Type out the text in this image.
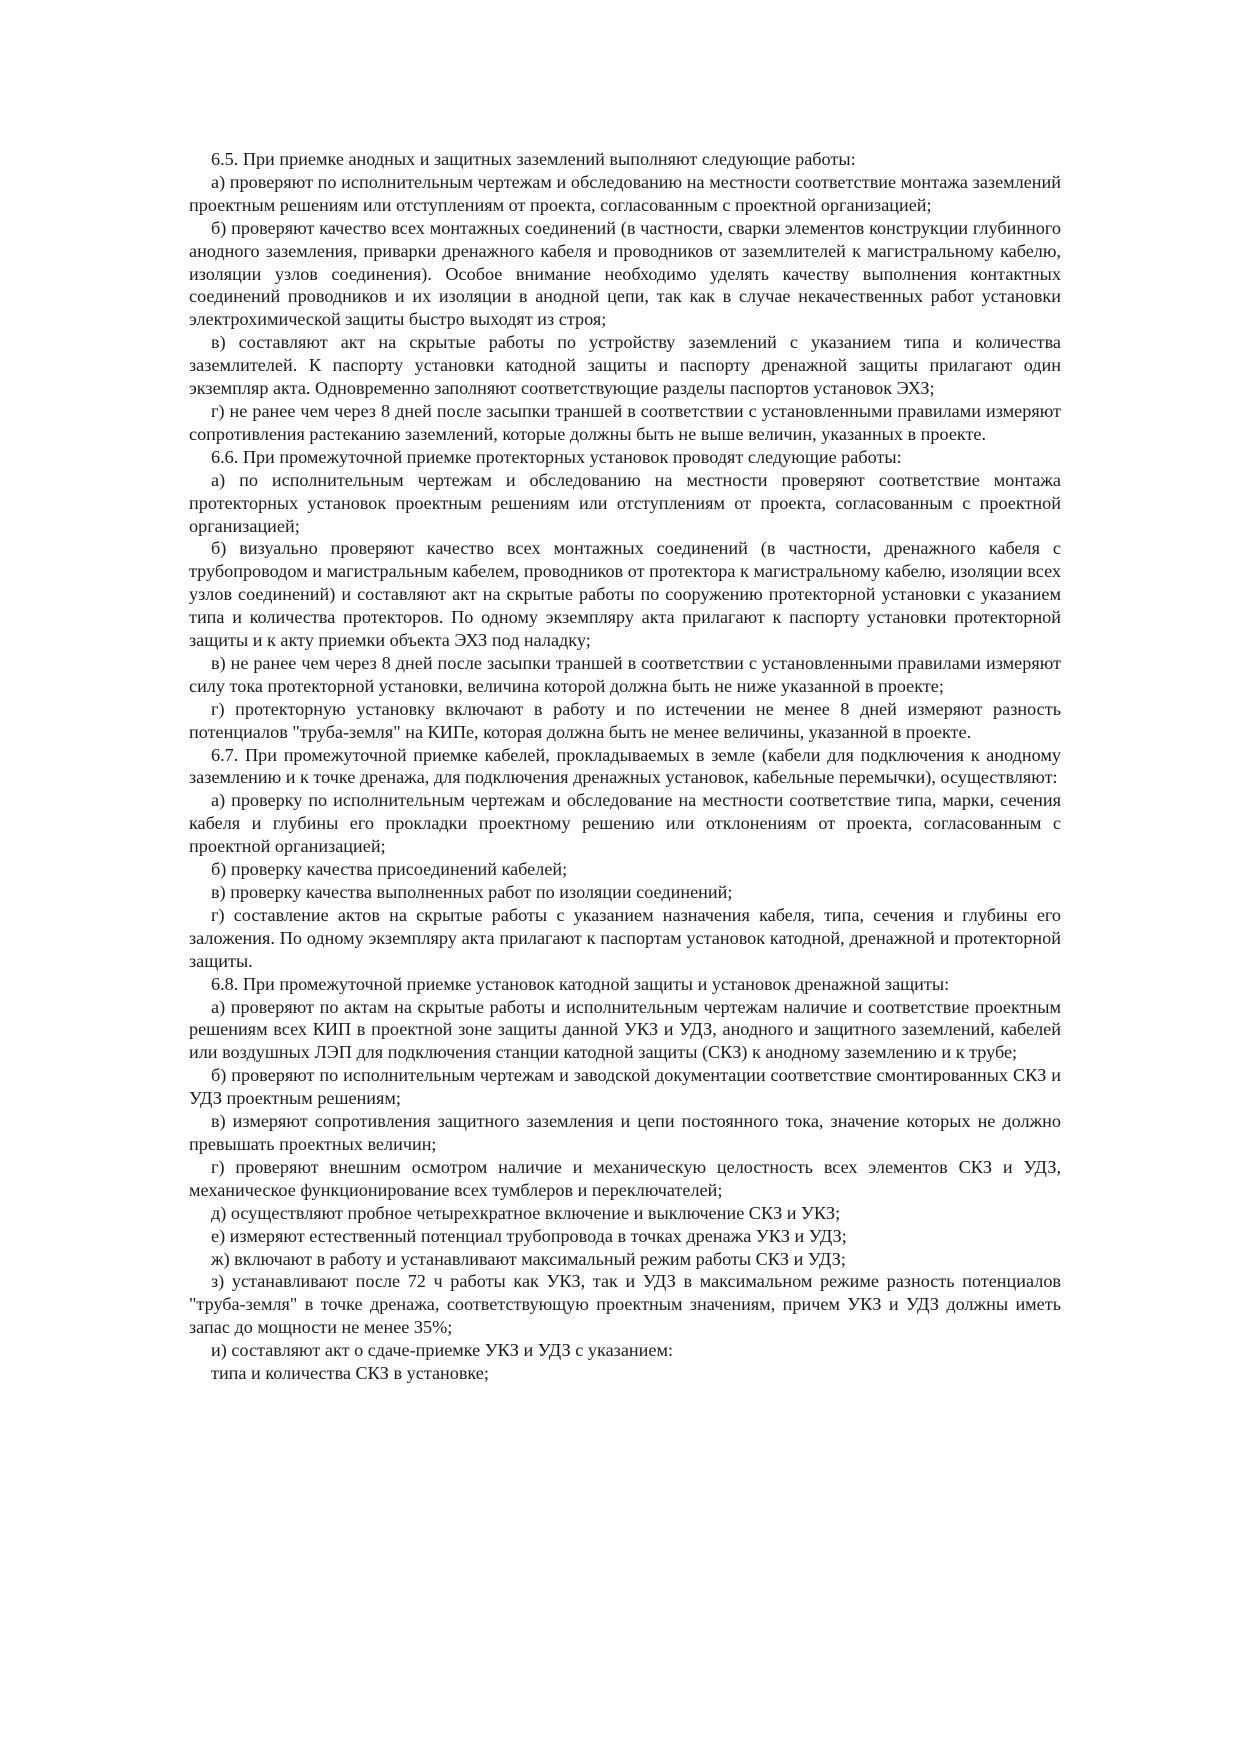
6.5. При приемке анодных и защитных заземлений выполняют следующие работы:

а) проверяют по исполнительным чертежам и обследованию на местности соответствие монтажа заземлений проектным решениям или отступлениям от проекта, согласованным с проектной организацией;

б) проверяют качество всех монтажных соединений (в частности, сварки элементов конструкции глубинного анодного заземления, приварки дренажного кабеля и проводников от заземлителей к магистральному кабелю, изоляции узлов соединения). Особое внимание необходимо уделять качеству выполнения контактных соединений проводников и их изоляции в анодной цепи, так как в случае некачественных работ установки электрохимической защиты быстро выходят из строя;

в) составляют акт на скрытые работы по устройству заземлений с указанием типа и количества заземлителей. К паспорту установки катодной защиты и паспорту дренажной защиты прилагают один экземпляр акта. Одновременно заполняют соответствующие разделы паспортов установок ЭХЗ;

г) не ранее чем через 8 дней после засыпки траншей в соответствии с установленными правилами измеряют сопротивления растеканию заземлений, которые должны быть не выше величин, указанных в проекте.

6.6. При промежуточной приемке протекторных установок проводят следующие работы:

а) по исполнительным чертежам и обследованию на местности проверяют соответствие монтажа протекторных установок проектным решениям или отступлениям от проекта, согласованным с проектной организацией;

б) визуально проверяют качество всех монтажных соединений (в частности, дренажного кабеля с трубопроводом и магистральным кабелем, проводников от протектора к магистральному кабелю, изоляции всех узлов соединений) и составляют акт на скрытые работы по сооружению протекторной установки с указанием типа и количества протекторов. По одному экземпляру акта прилагают к паспорту установки протекторной защиты и к акту приемки объекта ЭХЗ под наладку;

в) не ранее чем через 8 дней после засыпки траншей в соответствии с установленными правилами измеряют силу тока протекторной установки, величина которой должна быть не ниже указанной в проекте;

г) протекторную установку включают в работу и по истечении не менее 8 дней измеряют разность потенциалов "труба-земля" на КИПе, которая должна быть не менее величины, указанной в проекте.

6.7. При промежуточной приемке кабелей, прокладываемых в земле (кабели для подключения к анодному заземлению и к точке дренажа, для подключения дренажных установок, кабельные перемычки), осуществляют:

а) проверку по исполнительным чертежам и обследование на местности соответствие типа, марки, сечения кабеля и глубины его прокладки проектному решению или отклонениям от проекта, согласованным с проектной организацией;

б) проверку качества присоединений кабелей;

в) проверку качества выполненных работ по изоляции соединений;

г) составление актов на скрытые работы с указанием назначения кабеля, типа, сечения и глубины его заложения. По одному экземпляру акта прилагают к паспортам установок катодной, дренажной и протекторной защиты.

6.8. При промежуточной приемке установок катодной защиты и установок дренажной защиты:

а) проверяют по актам на скрытые работы и исполнительным чертежам наличие и соответствие проектным решениям всех КИП в проектной зоне защиты данной УКЗ и УДЗ, анодного и защитного заземлений, кабелей или воздушных ЛЭП для подключения станции катодной защиты (СКЗ) к анодному заземлению и к трубе;

б) проверяют по исполнительным чертежам и заводской документации соответствие смонтированных СКЗ и УДЗ проектным решениям;

в) измеряют сопротивления защитного заземления и цепи постоянного тока, значение которых не должно превышать проектных величин;

г) проверяют внешним осмотром наличие и механическую целостность всех элементов СКЗ и УДЗ, механическое функционирование всех тумблеров и переключателей;

д) осуществляют пробное четырехкратное включение и выключение СКЗ и УКЗ;

е) измеряют естественный потенциал трубопровода в точках дренажа УКЗ и УДЗ;

ж) включают в работу и устанавливают максимальный режим работы СКЗ и УДЗ;

з) устанавливают после 72 ч работы как УКЗ, так и УДЗ в максимальном режиме разность потенциалов "труба-земля" в точке дренажа, соответствующую проектным значениям, причем УКЗ и УДЗ должны иметь запас до мощности не менее 35%;

и) составляют акт о сдаче-приемке УКЗ и УДЗ с указанием:

типа и количества СКЗ в установке;
